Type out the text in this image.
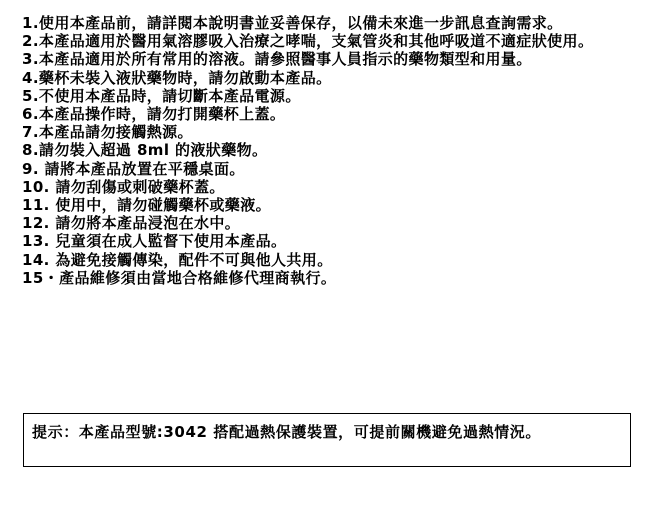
1.使用本產品前，請詳閱本說明書並妥善保存，以備未來進一步訊息查詢需求。
2.本產品適用於醫用氣溶膠吸入治療之哮喘，支氣管炎和其他呼吸道不適症狀使用。
3.本產品適用於所有常用的溶液。請參照醫事人員指示的藥物類型和用量。
4.藥杯未裝入液狀藥物時，請勿啟動本產品。
5.不使用本產品時，請切斷本產品電源。
6.本產品操作時，請勿打開藥杯上蓋。
7.本產品請勿接觸熱源。
8.請勿裝入超過 8ml 的液狀藥物。
9. 請將本產品放置在平穩桌面。
10. 請勿刮傷或刺破藥杯蓋。
11. 使用中，請勿碰觸藥杯或藥液。
12. 請勿將本產品浸泡在水中。
13. 兒童須在成人監督下使用本產品。
14. 為避免接觸傳染，配件不可與他人共用。
15・產品維修須由當地合格維修代理商執行。

提示：本產品型號:3042 搭配過熱保護裝置，可提前關機避免過熱情況。
